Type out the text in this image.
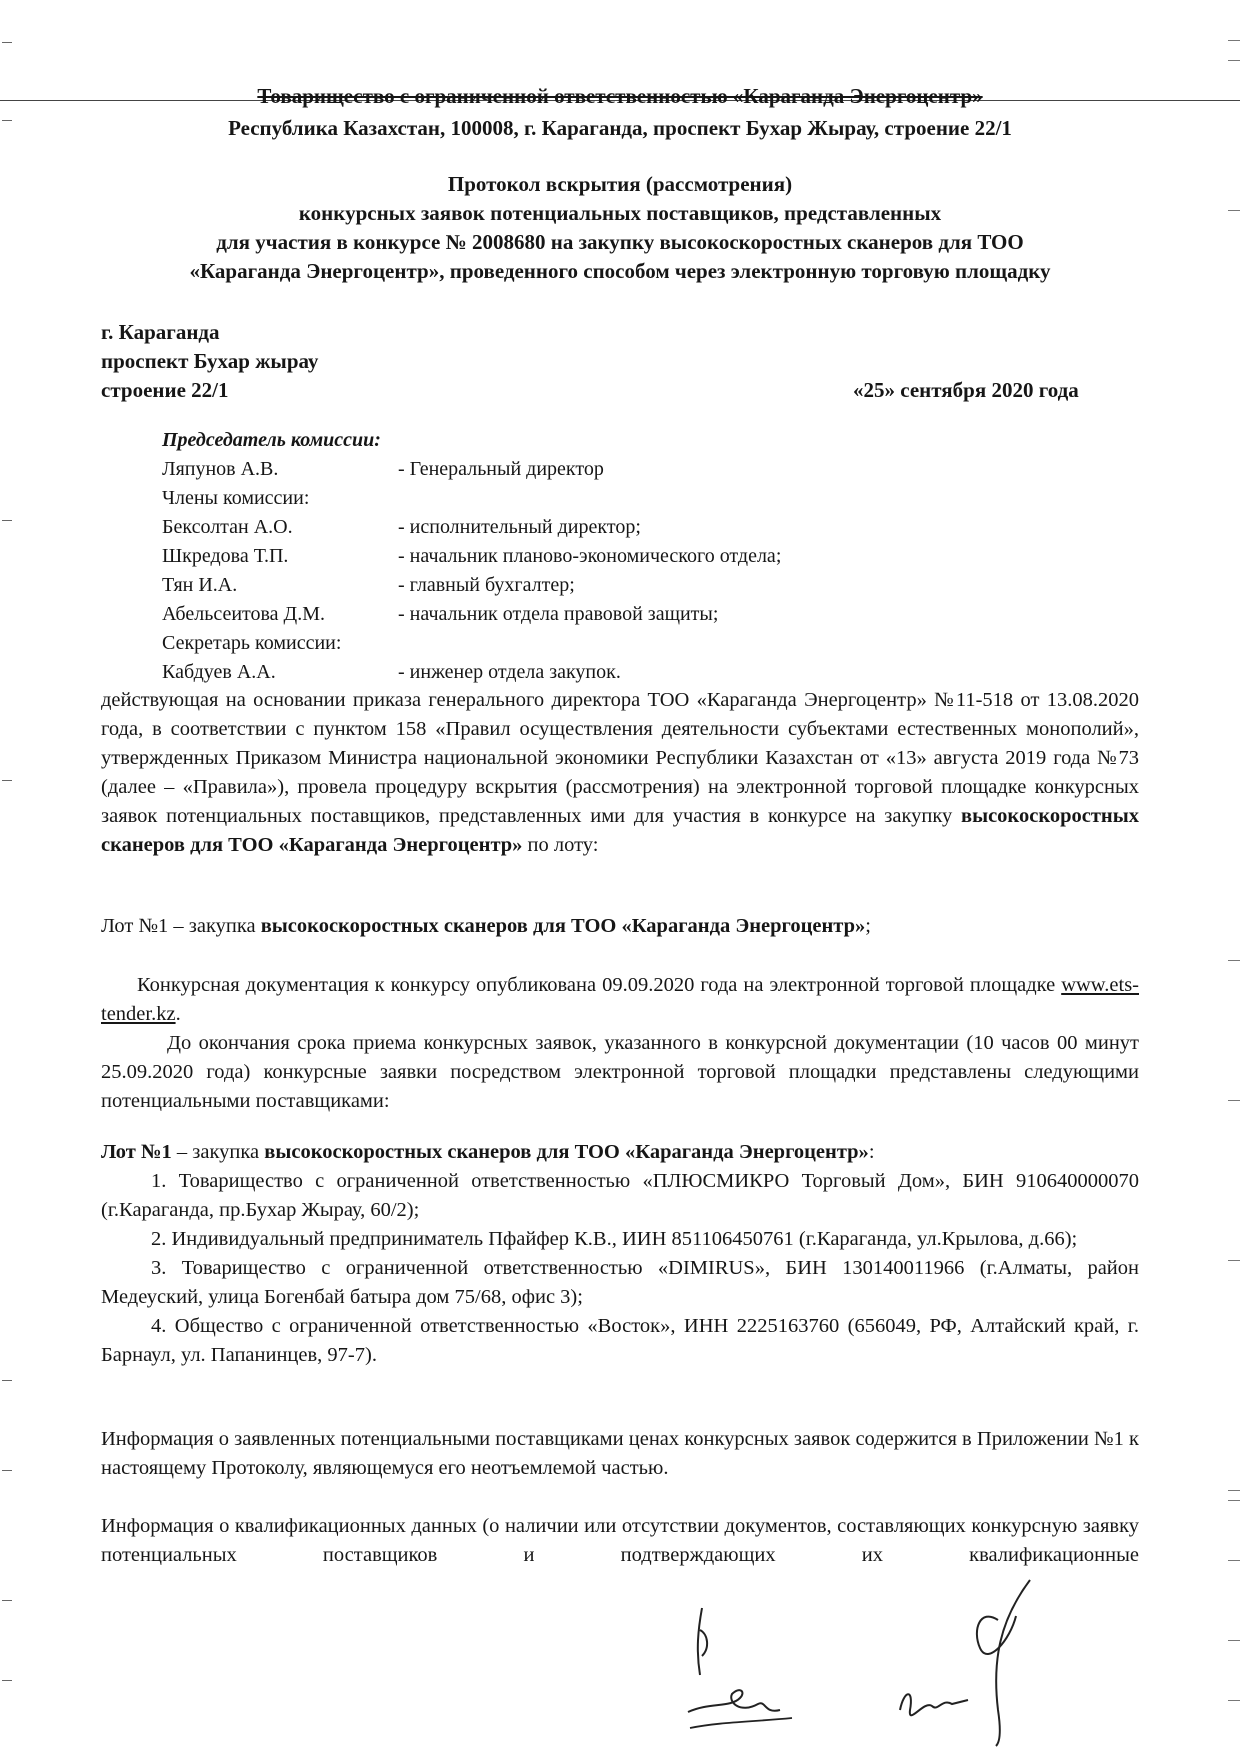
Товарищество с ограниченной ответственностью «Караганда Энергоцентр»
Республика Казахстан, 100008, г. Караганда, проспект Бухар Жырау, строение 22/1
Протокол вскрытия (рассмотрения)
конкурсных заявок потенциальных поставщиков, представленных
для участия в конкурсе № 2008680 на закупку высокоскоростных сканеров для ТОО
«Караганда Энергоцентр», проведенного способом через электронную торговую площадку
г. Караганда
проспект Бухар жырау
строение 22/1	«25» сентября 2020 года
Председатель комиссии:
Ляпунов А.В.	- Генеральный директор
Члены комиссии:
Бексолтан А.О.	- исполнительный директор;
Шкредова Т.П.	- начальник планово-экономического отдела;
Тян И.А.	- главный бухгалтер;
Абельсеитова Д.М.	- начальник отдела правовой защиты;
Секретарь комиссии:
Кабдуев А.А.	- инженер отдела закупок.
действующая на основании приказа генерального директора ТОО «Караганда Энергоцентр» №11-518 от 13.08.2020 года, в соответствии с пунктом 158 «Правил осуществления деятельности субъектами естественных монополий», утвержденных Приказом Министра национальной экономики Республики Казахстан от «13» августа 2019 года №73 (далее – «Правила»), провела процедуру вскрытия (рассмотрения) на электронной торговой площадке конкурсных заявок потенциальных поставщиков, представленных ими для участия в конкурсе на закупку высокоскоростных сканеров для ТОО «Караганда Энергоцентр» по лоту:
Лот №1 – закупка высокоскоростных сканеров для ТОО «Караганда Энергоцентр»;
Конкурсная документация к конкурсу опубликована 09.09.2020 года на электронной торговой площадке www.ets-tender.kz.
До окончания срока приема конкурсных заявок, указанного в конкурсной документации (10 часов 00 минут 25.09.2020 года) конкурсные заявки посредством электронной торговой площадки представлены следующими потенциальными поставщиками:
Лот №1 – закупка высокоскоростных сканеров для ТОО «Караганда Энергоцентр»:
1. Товарищество с ограниченной ответственностью «ПЛЮСМИКРО Торговый Дом», БИН 910640000070 (г.Караганда, пр.Бухар Жырау, 60/2);
2. Индивидуальный предприниматель Пфайфер К.В., ИИН 851106450761 (г.Караганда, ул.Крылова, д.66);
3. Товарищество с ограниченной ответственностью «DIMIRUS», БИН 130140011966 (г.Алматы, район Медеуский, улица Богенбай батыра дом 75/68, офис 3);
4. Общество с ограниченной ответственностью «Восток», ИНН 2225163760 (656049, РФ, Алтайский край, г. Барнаул, ул. Папанинцев, 97-7).
Информация о заявленных потенциальными поставщиками ценах конкурсных заявок содержится в Приложении №1 к настоящему Протоколу, являющемуся его неотъемлемой частью.
Информация о квалификационных данных (о наличии или отсутствии документов, составляющих конкурсную заявку потенциальных поставщиков и подтверждающих их квалификационные
